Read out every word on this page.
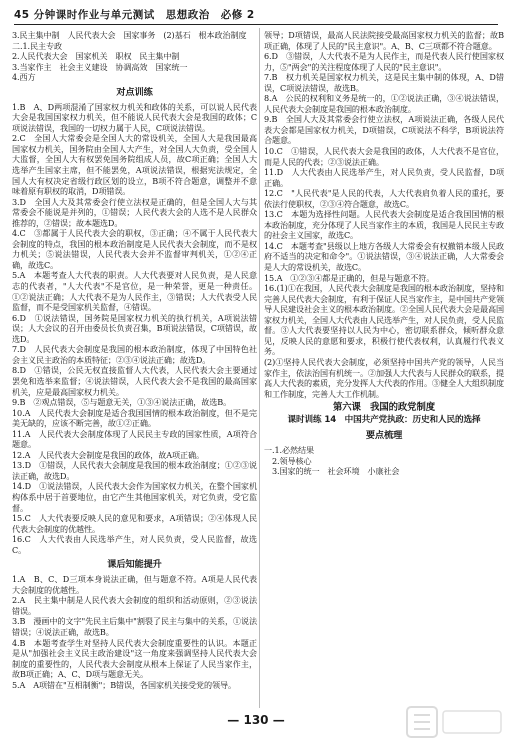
45 分钟课时作业与单元测试　思想政治　必修 2

3.民主集中制　人民代表大会　国家事务　(2)基石　根本政治制度

二.1.民主专政

2.人民代表大会　国家机关　职权　民主集中制

3.当家作主　社会主义建设　协调高效　国家统一

4.西方

对点训练

1.B　A、D两项混淆了国家权力机关和政体的关系，可以说人民代表大会是我国国家权力机关，但不能说人民代表大会是我国的政体；C项说法错误，我国的一切权力属于人民，C项说法错误。

2.C　全国人大常委会是全国人大的常设机关，全国人大是我国最高国家权力机关，国务院由全国人大产生，对全国人大负责，受全国人大监督，全国人大有权罢免国务院组成人员，故C项正确；全国人大选举产生国家主席，但不能罢免，A项说法错误，根据宪法规定，全国人大有权决定省级行政区划的设立，B项不符合题意，调整并不意味着原有职权的取消，D项错误。

3.D　全国人大及其常委会行使立法权是正确的，但是全国人大与其常委会不能说是并列的，①错误；人民代表大会的人选不是人民群众推荐的，②错误；故本题选D。

4.C　③都属于人民代表大会的职权，③正确；④不属于人民代表大会制度的特点，我国的根本政治制度是人民代表大会制度，而不是权力机关；⑤说法错误，人民代表大会并不监督审判机关，①②④正确，故选C。

5.A　本题考查人大代表的职责。人大代表要对人民负责，是人民意志的代表者，"人大代表"不是官位，是一种荣誉，更是一种责任。①②说法正确；人大代表不是为人民作主，③错误；人大代表受人民监督，而不是受国家机关监督，④错误。

6.D　①说法错误，国务院是国家权力机关的执行机关，A项说法错误；人大会议的召开由委员长负责召集，B项说法错误，C项错误，故选D。

7.D　人民代表大会制度是我国的根本政治制度，体现了中国特色社会主义民主政治的本质特征；②③④说法正确；故选D。

8.D　①错误，公民无权直接监督人大代表，人民代表大会主要通过罢免和选举来监督；④说法错误，人民代表大会不是我国的最高国家机关，应是最高国家权力机关。

9.B　②观点错误，⑤与题意无关，①③④说法正确，故选B。

10.A　人民代表大会制度是适合我国国情的根本政治制度，但不是完美无缺的，应该不断完善，故①②正确。

11.A　人民代表大会制度体现了人民民主专政的国家性质，A项符合题意。

12.A　人民代表大会制度是我国的政体，故A项正确。

13.D　①错误，人民代表大会制度是我国的根本政治制度；①②③说法正确，故选D。

14.D　①说法错误，人民代表大会作为国家权力机关，在整个国家机构体系中居于首要地位，由它产生其他国家机关，对它负责，受它监督。

15.C　人大代表要反映人民的意见和要求，A项错误；②④体现人民代表大会制度的优越性。

16.C　人大代表由人民选举产生，对人民负责，受人民监督，故选C。

课后知能提升

1.A　B、C、D三项本身说法正确，但与题意不符。A项是人民代表大会制度的优越性。

2.A　民主集中制是人民代表大会制度的组织和活动原则，②③说法错误。

3.B　漫画中的文字"先民主后集中"割裂了民主与集中的关系，①说法错误；④说法正确，故选B。

4.B　本题考查学生对坚持人民代表大会制度重要性的认识。本题正是从"加强社会主义民主政治建设"这一角度来强调坚持人民代表大会制度的重要性的，人民代表大会制度从根本上保证了人民当家作主，故B项正确；A、C、D项与题意无关。

5.A　A项错在"互相制衡"；B错误，各国家机关接受党的领导。

领导；D项错误，最高人民法院接受最高国家权力机关的监督；故B项正确，体现了人民的"民主意识"。A、B、C三项都不符合题意。

6.D　③错误，人大代表不是为人民作主，而是代表人民行使国家权力，⑤"两会"的关注程度体现了人民的"民主意识"。

7.B　权力机关是国家权力机关，这是民主集中制的体现，A、D错误，C项说法错误，故选B。

8.A　公民的权利和义务是统一的，①②说法正确，③④说法错误，人民代表大会制度是我国的根本政治制度。

9.B　全国人大及其常委会行使立法权，A项说法正确，各级人民代表大会都是国家权力机关，D项错误，C项说法不科学，B项说法符合题意。

10.C　①错误，人民代表大会是我国的政体，人大代表不是官位，而是人民的代表；②③说法正确。

11.D　人大代表由人民选举产生，对人民负责，受人民监督，D项正确。

12.C　"人民代表"是人民的代表，人大代表肩负着人民的重托，要依法行使职权，②③④符合题意，故选C。

13.C　本题为选择性问题。人民代表大会制度是适合我国国情的根本政治制度，充分体现了人民当家作主的本质，我国是人民民主专政的社会主义国家，故选C。

14.C　本题考查"县级以上地方各级人大常委会有权撤销本级人民政府不适当的决定和命令"。①说法错误，③④说法正确，人大常委会是人大的常设机关，故选C。

15.A　①②③④都是正确的，但是与题意不符。

16.(1)①在我国，人民代表大会制度是我国的根本政治制度，坚持和完善人民代表大会制度，有利于保证人民当家作主，是中国共产党领导人民建设社会主义的根本政治制度。②全国人民代表大会是最高国家权力机关，全国人大代表由人民选举产生，对人民负责，受人民监督。③人大代表要坚持以人民为中心，密切联系群众，倾听群众意见，反映人民的意愿和要求，积极行使代表权利，认真履行代表义务。

(2)①坚持人民代表大会制度，必须坚持中国共产党的领导，人民当家作主，依法治国有机统一。②加强人大代表与人民群众的联系，提高人大代表的素质，充分发挥人大代表的作用。③健全人大组织制度和工作制度，完善人大工作机制。

第六课　我国的政党制度
课时训练 14　中国共产党执政：历史和人民的选择
要点梳理

一.1.必然结果

2.领导核心

3.国家的统一　社会环境　小康社会

— 130 —
